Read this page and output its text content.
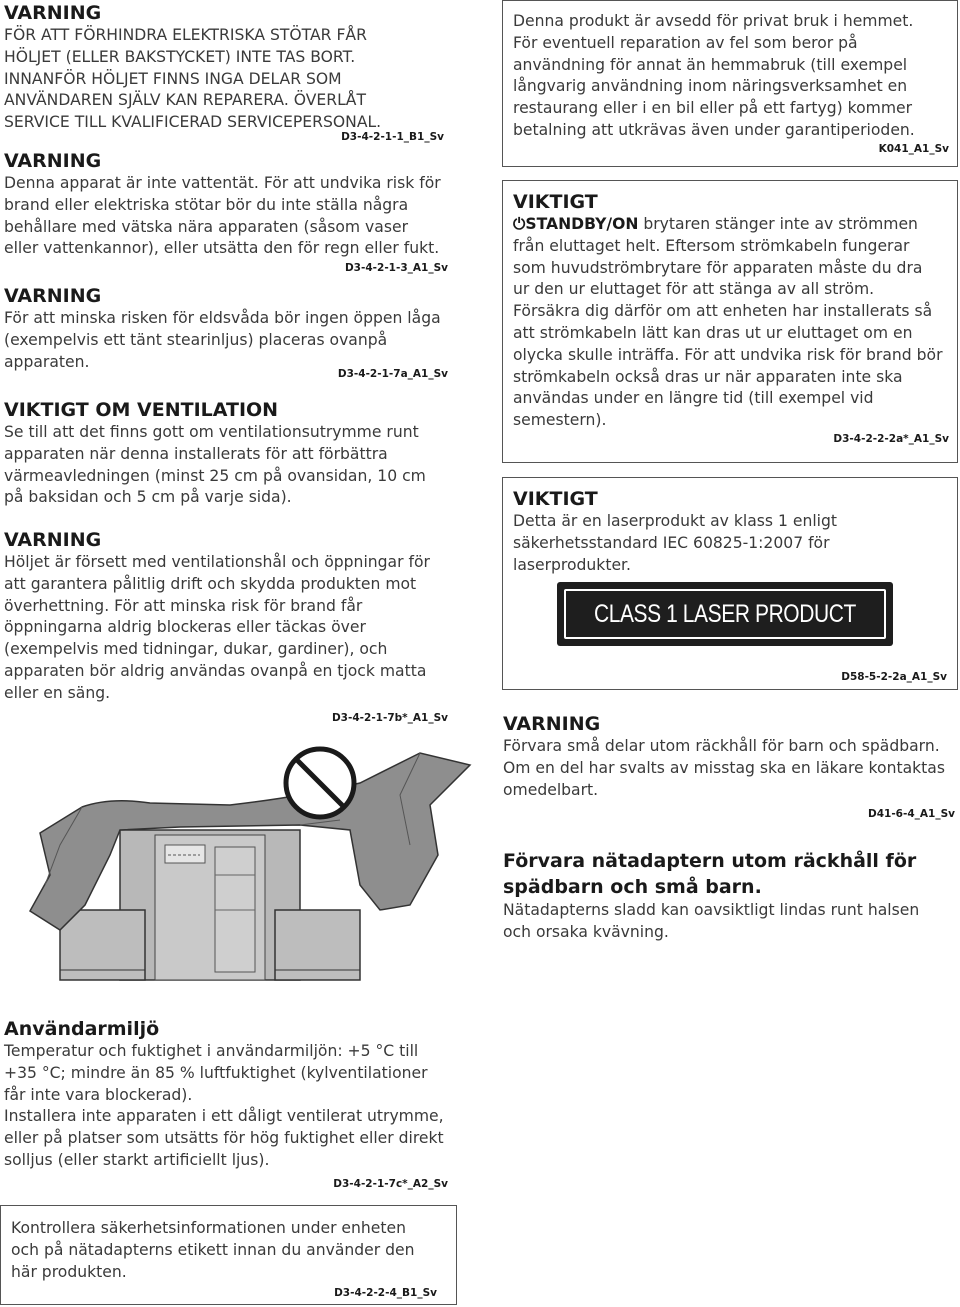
VARNING
FÖR ATT FÖRHINDRA ELEKTRISKA STÖTAR FÅR
HÖLJET (ELLER BAKSTYCKET) INTE TAS BORT.
INNANFÖR HÖLJET FINNS INGA DELAR SOM
ANVÄNDAREN SJÄLV KAN REPARERA. ÖVERLÅT
SERVICE TILL KVALIFICERAD SERVICEPERSONAL.
D3-4-2-1-1_B1_Sv
VARNING
Denna apparat är inte vattentät. För att undvika risk för
brand eller elektriska stötar bör du inte ställa några
behållare med vätska nära apparaten (såsom vaser
eller vattenkannor), eller utsätta den för regn eller fukt.
D3-4-2-1-3_A1_Sv
VARNING
För att minska risken för eldsvåda bör ingen öppen låga
(exempelvis ett tänt stearinljus) placeras ovanpå
apparaten.
D3-4-2-1-7a_A1_Sv
VIKTIGT OM VENTILATION
Se till att det finns gott om ventilationsutrymme runt
apparaten när denna installerats för att förbättra
värmeavledningen (minst 25 cm på ovansidan, 10 cm
på baksidan och 5 cm på varje sida).
VARNING
Höljet är försett med ventilationshål och öppningar för
att garantera pålitlig drift och skydda produkten mot
överhettning. För att minska risk för brand får
öppningarna aldrig blockeras eller täckas över
(exempelvis med tidningar, dukar, gardiner), och
apparaten bör aldrig användas ovanpå en tjock matta
eller en säng.
D3-4-2-1-7b*_A1_Sv
Användarmiljö
Temperatur och fuktighet i användarmiljön: +5 °C till
+35 °C; mindre än 85 % luftfuktighet (kylventilationer
får inte vara blockerad).
Installera inte apparaten i ett dåligt ventilerat utrymme,
eller på platser som utsätts för hög fuktighet eller direkt
solljus (eller starkt artificiellt ljus).
D3-4-2-1-7c*_A2_Sv
Kontrollera säkerhetsinformationen under enheten
och på nätadapterns etikett innan du använder den
här produkten.
D3-4-2-2-4_B1_Sv
Denna produkt är avsedd för privat bruk i hemmet.
För eventuell reparation av fel som beror på
användning för annat än hemmabruk (till exempel
långvarig användning inom näringsverksamhet en
restaurang eller i en bil eller på ett fartyg) kommer
betalning att utkrävas även under garantiperioden.
K041_A1_Sv
VIKTIGT
⏻STANDBY/ON brytaren stänger inte av strömmen
från eluttaget helt. Eftersom strömkabeln fungerar
som huvudströmbrytare för apparaten måste du dra
ur den ur eluttaget för att stänga av all ström.
Försäkra dig därför om att enheten har installerats så
att strömkabeln lätt kan dras ut ur eluttaget om en
olycka skulle inträffa. För att undvika risk för brand bör
strömkabeln också dras ur när apparaten inte ska
användas under en längre tid (till exempel vid
semestern).
D3-4-2-2-2a*_A1_Sv
VIKTIGT
Detta är en laserprodukt av klass 1 enligt
säkerhetsstandard IEC 60825-1:2007 för
laserprodukter.
CLASS 1 LASER PRODUCT
D58-5-2-2a_A1_Sv
VARNING
Förvara små delar utom räckhåll för barn och spädbarn.
Om en del har svalts av misstag ska en läkare kontaktas
omedelbart.
D41-6-4_A1_Sv
Förvara nätadaptern utom räckhåll för
spädbarn och små barn.
Nätadapterns sladd kan oavsiktligt lindas runt halsen
och orsaka kvävning.
